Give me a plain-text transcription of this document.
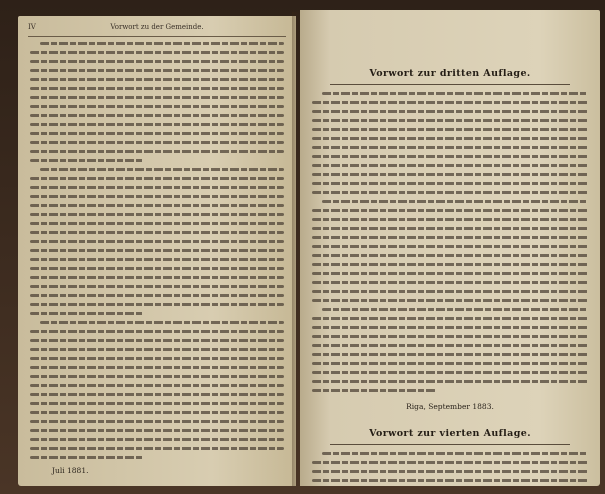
IV	Vorwort zu der Gemeinde.
Juli 1881.
Vorwort zur dritten Auflage.
Riga, September 1883.
Vorwort zur vierten Auflage.
